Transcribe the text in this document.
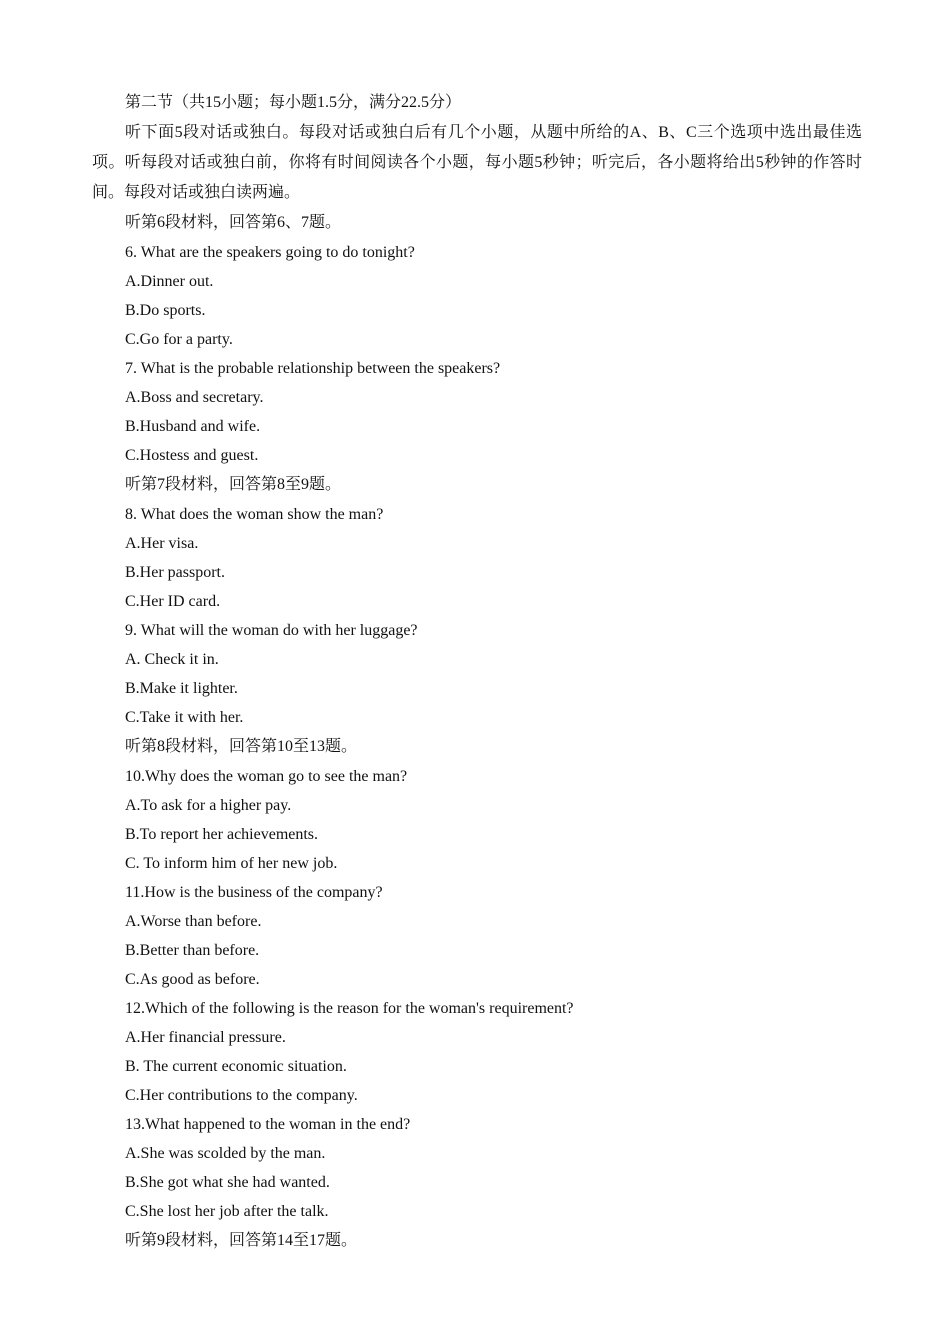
第二节（共15小题；每小题1.5分，满分22.5分）
听下面5段对话或独白。每段对话或独白后有几个小题，从题中所给的A、B、C三个选项中选出最佳选项。听每段对话或独白前，你将有时间阅读各个小题，每小题5秒钟；听完后，各小题将给出5秒钟的作答时间。每段对话或独白读两遍。
听第6段材料，回答第6、7题。
6. What are the speakers going to do tonight?
A.Dinner out.
B.Do sports.
C.Go for a party.
7. What is the probable relationship between the speakers?
A.Boss and secretary.
B.Husband and wife.
C.Hostess and guest.
听第7段材料，回答第8至9题。
8. What does the woman show the man?
A.Her visa.
B.Her passport.
C.Her ID card.
9. What will the woman do with her luggage?
A. Check it in.
B.Make it lighter.
C.Take it with her.
听第8段材料，回答第10至13题。
10.Why does the woman go to see the man?
A.To ask for a higher pay.
B.To report her achievements.
C. To inform him of her new job.
11.How is the business of the company?
A.Worse than before.
B.Better than before.
C.As good as before.
12.Which of the following is the reason for the woman's requirement?
A.Her financial pressure.
B. The current economic situation.
C.Her contributions to the company.
13.What happened to the woman in the end?
A.She was scolded by the man.
B.She got what she had wanted.
C.She lost her job after the talk.
听第9段材料，回答第14至17题。
